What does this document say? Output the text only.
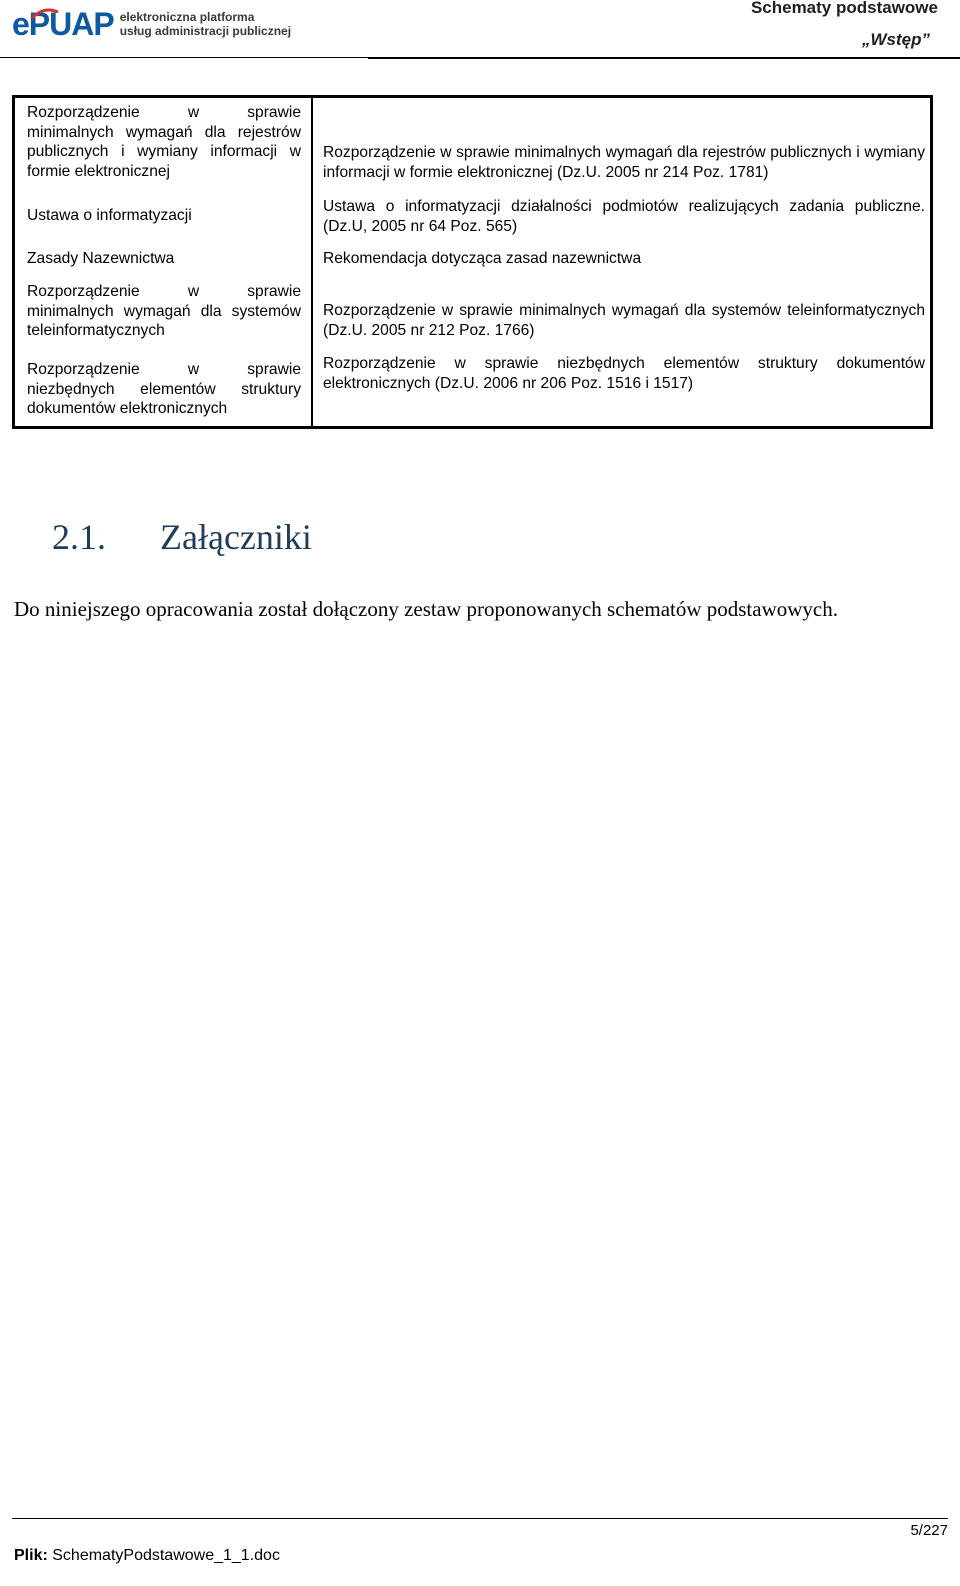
ePUAP elektroniczna platforma
usług administracji publicznej
Schematy podstawowe
„Wstęp”
Rozporządzenie w sprawie minimalnych wymagań dla rejestrów publicznych i wymiany informacji w formie elektronicznej
Ustawa o informatyzacji
Zasady Nazewnictwa
Rozporządzenie w sprawie minimalnych wymagań dla systemów teleinformatycznych
Rozporządzenie w sprawie niezbędnych elementów struktury dokumentów elektronicznych
Rozporządzenie w sprawie minimalnych wymagań dla rejestrów publicznych i wymiany informacji w formie elektronicznej (Dz.U. 2005 nr 214 Poz. 1781)
Ustawa o informatyzacji działalności podmiotów realizujących zadania publiczne. (Dz.U, 2005 nr 64 Poz. 565)
Rekomendacja dotycząca zasad nazewnictwa
Rozporządzenie w sprawie minimalnych wymagań dla systemów teleinformatycznych (Dz.U. 2005 nr 212 Poz. 1766)
Rozporządzenie w sprawie niezbędnych elementów struktury dokumentów elektronicznych (Dz.U. 2006 nr 206 Poz. 1516 i 1517)
2.1. Załączniki
Do niniejszego opracowania został dołączony zestaw proponowanych schematów podstawowych.
5/227
Plik: SchematyPodstawowe_1_1.doc
